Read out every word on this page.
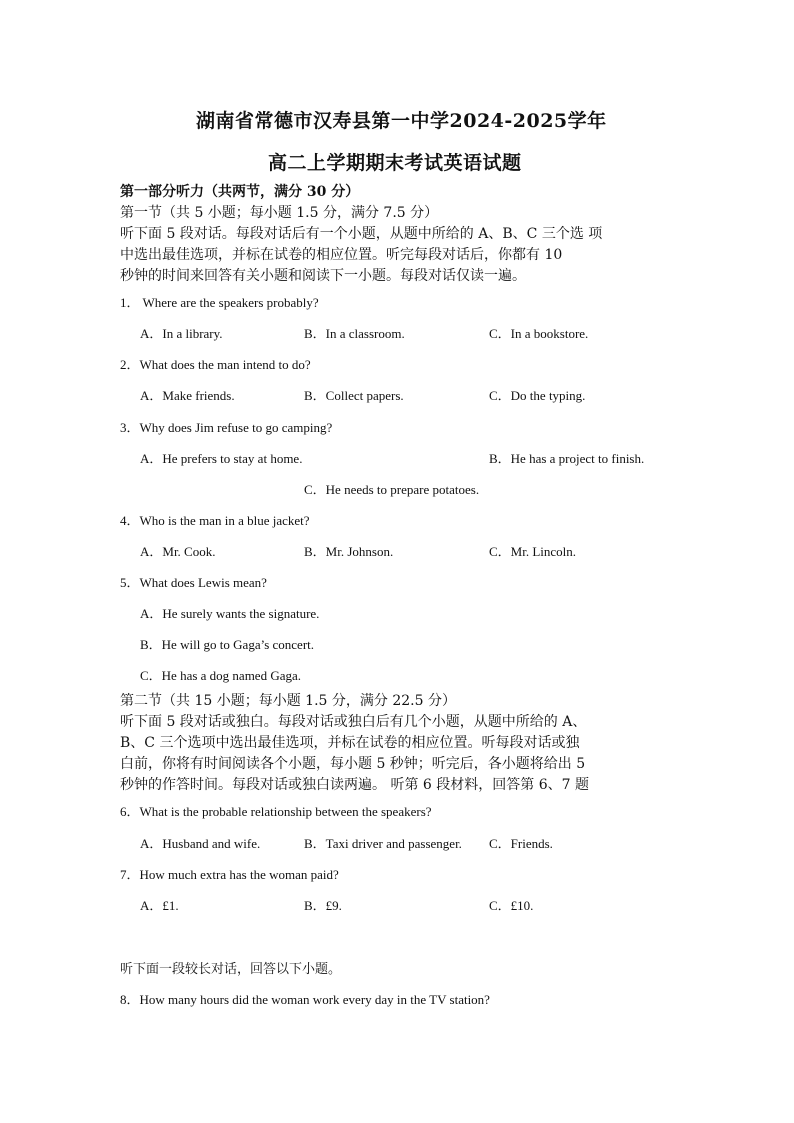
湖南省常德市汉寿县第一中学2024-2025学年
高二上学期期末考试英语试题
第一部分听力（共两节，满分 30 分）
第一节（共 5 小题；每小题 1.5 分，满分 7.5 分）
听下面 5 段对话。每段对话后有一个小题，从题中所给的 A、B、C 三个选 项
中选出最佳选项，并标在试卷的相应位置。听完每段对话后，你都有 10
秒钟的时间来回答有关小题和阅读下一小题。每段对话仅读一遍。
1． Where are the speakers probably?
A．In a library.	B．In a classroom.	C．In a bookstore.
2．What does the man intend to do?
A．Make friends.	B．Collect papers.	C．Do the typing.
3．Why does Jim refuse to go camping?
A．He prefers to stay at home.	B．He has a project to finish.
C．He needs to prepare potatoes.
4．Who is the man in a blue jacket?
A．Mr. Cook.	B．Mr. Johnson.	C．Mr. Lincoln.
5．What does Lewis mean?
A．He surely wants the signature.
B．He will go to Gaga’s concert.
C．He has a dog named Gaga.
第二节（共 15 小题；每小题 1.5 分，满分 22.5 分）
听下面 5 段对话或独白。每段对话或独白后有几个小题，从题中所给的 A、
B、C 三个选项中选出最佳选项，并标在试卷的相应位置。听每段对话或独
白前，你将有时间阅读各个小题，每小题 5 秒钟；听完后，各小题将给出 5
秒钟的作答时间。每段对话或独白读两遍。 听第 6 段材料，回答第 6、7 题
6．What is the probable relationship between the speakers?
A．Husband and wife.	B．Taxi driver and passenger. C．Friends.
7．How much extra has the woman paid?
A．£1.	B．£9.	C．£10.
听下面一段较长对话，回答以下小题。
8．How many hours did the woman work every day in the TV station?
